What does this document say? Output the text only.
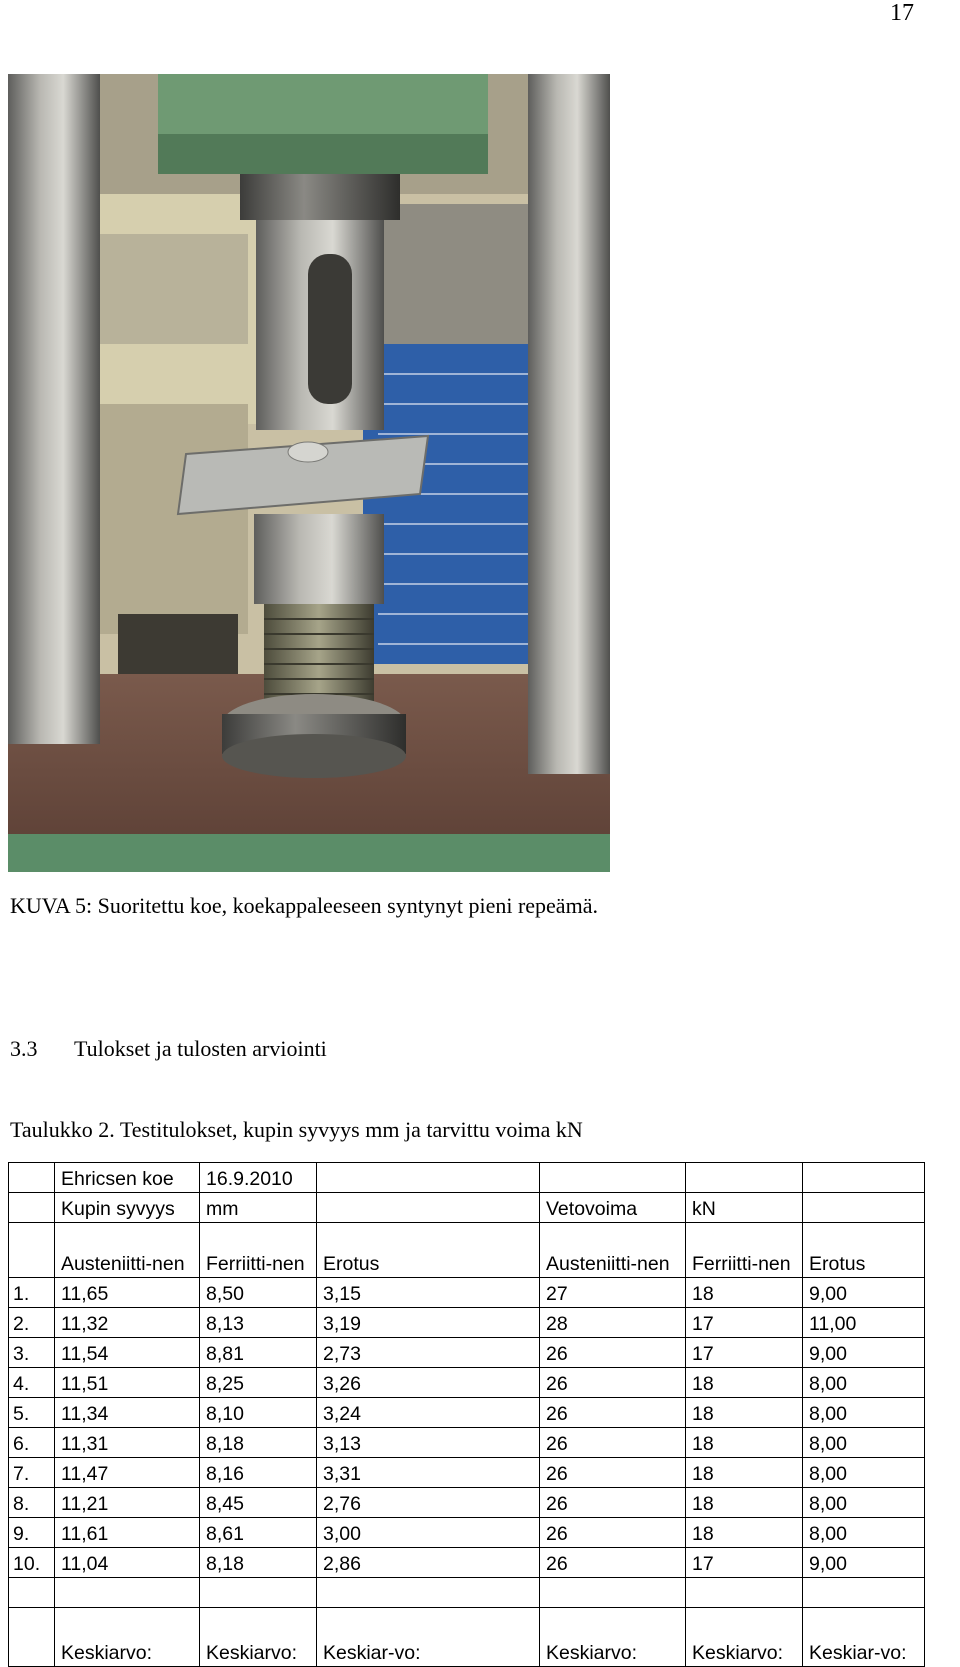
17
KUVA 5: Suoritettu koe, koekappaleeseen syntynyt pieni repeämä.
3.3 Tulokset ja tulosten arviointi
Taulukko 2. Testitulokset, kupin syvyys mm ja tarvittu voima kN
	Ehricsen koe	16.9.2010				
	Kupin syvyys	mm		Vetovoima	kN	
	Austeniitti-nen	Ferriitti-nen	Erotus	Austeniitti-nen	Ferriitti-nen	Erotus
1.	11,65	8,50	3,15	27	18	9,00
2.	11,32	8,13	3,19	28	17	11,00
3.	11,54	8,81	2,73	26	17	9,00
4.	11,51	8,25	3,26	26	18	8,00
5.	11,34	8,10	3,24	26	18	8,00
6.	11,31	8,18	3,13	26	18	8,00
7.	11,47	8,16	3,31	26	18	8,00
8.	11,21	8,45	2,76	26	18	8,00
9.	11,61	8,61	3,00	26	18	8,00
10.	11,04	8,18	2,86	26	17	9,00

	Keskiarvo:	Keskiarvo:	Keskiar-vo:	Keskiarvo:	Keskiarvo:	Keskiar-vo:
